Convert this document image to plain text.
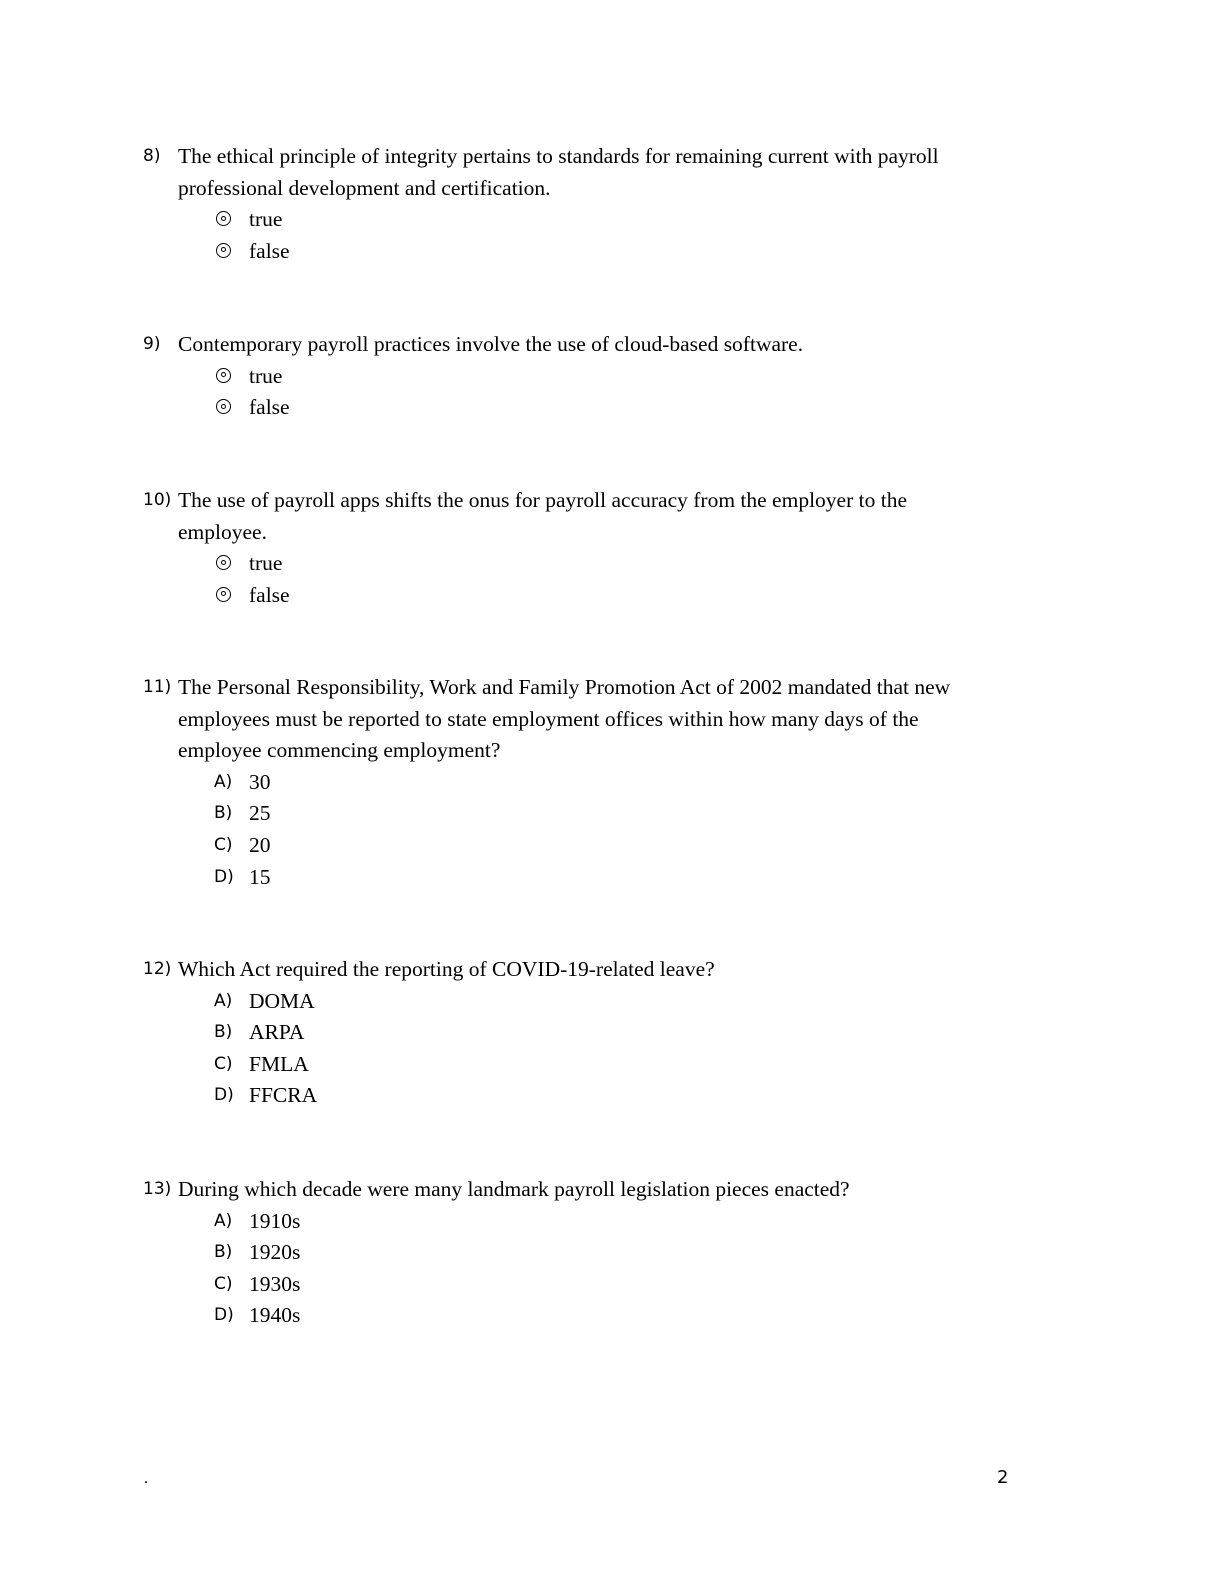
8) The ethical principle of integrity pertains to standards for remaining current with payroll
professional development and certification.
true
false
9) Contemporary payroll practices involve the use of cloud-based software.
true
false
10) The use of payroll apps shifts the onus for payroll accuracy from the employer to the
employee.
true
false
11) The Personal Responsibility, Work and Family Promotion Act of 2002 mandated that new
employees must be reported to state employment offices within how many days of the
employee commencing employment?
A) 30
B) 25
C) 20
D) 15
12) Which Act required the reporting of COVID-19-related leave?
A) DOMA
B) ARPA
C) FMLA
D) FFCRA
13) During which decade were many landmark payroll legislation pieces enacted?
A) 1910s
B) 1920s
C) 1930s
D) 1940s
.	2
